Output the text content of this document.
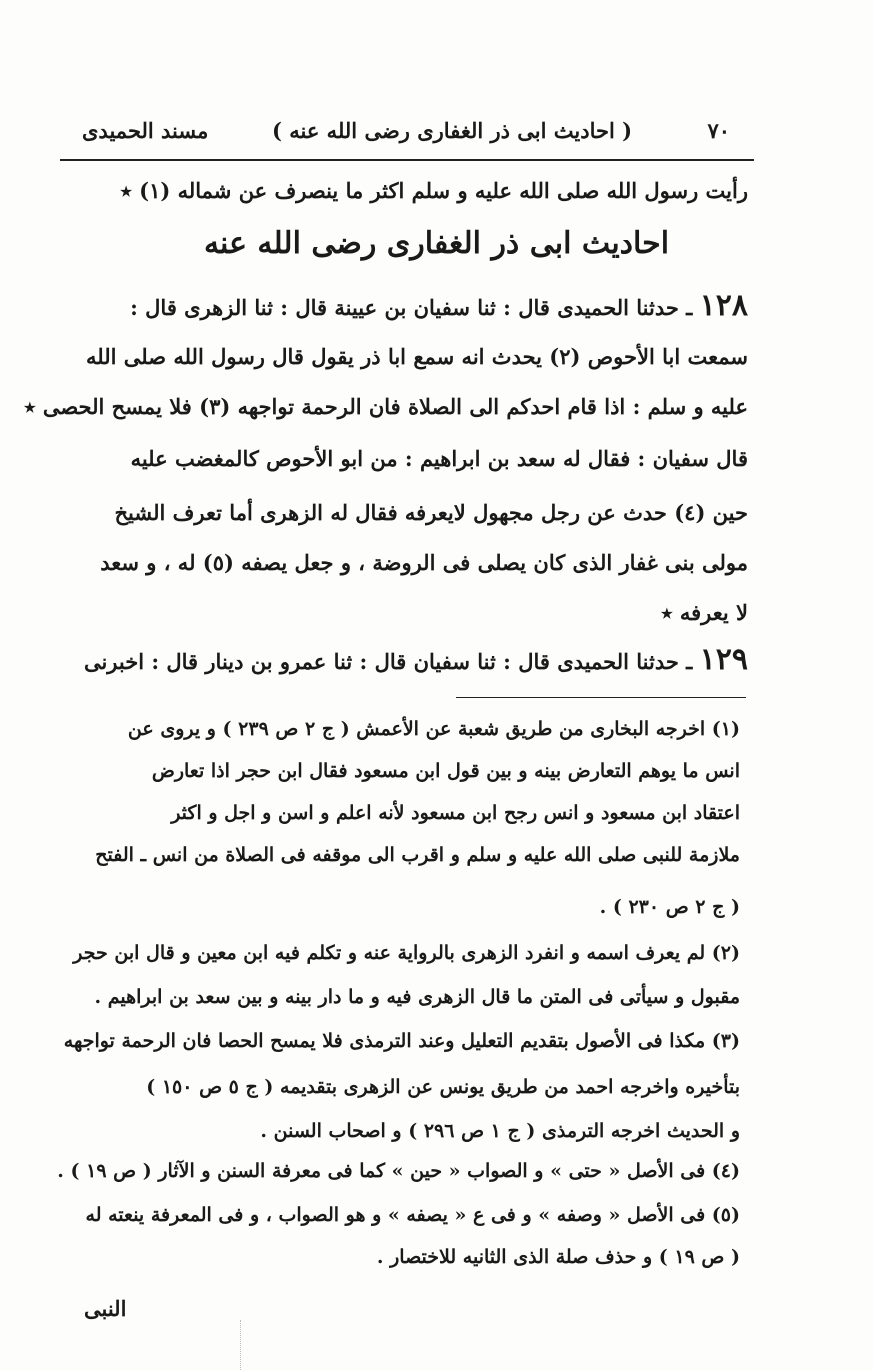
٧٠
( احاديث ابى ذر الغفارى رضى الله عنه )
مسند الحميدى
رأيت رسول الله صلى الله عليه و سلم اكثر ما ينصرف عن شماله (١) ٭
احاديث ابى ذر الغفارى رضى الله عنه
١٢٨ ـ حدثنا الحميدى قال : ثنا سفيان بن عيينة قال : ثنا الزهرى قال :
سمعت ابا الأحوص (٢) يحدث انه سمع ابا ذر يقول قال رسول الله صلى الله
عليه و سلم : اذا قام احدكم الى الصلاة فان الرحمة تواجهه (٣) فلا يمسح الحصى ٭
قال سفيان : فقال له سعد بن ابراهيم : من ابو الأحوص كالمغضب عليه
حين (٤) حدث عن رجل مجهول لايعرفه فقال له الزهرى أما تعرف الشيخ
مولى بنى غفار الذى كان يصلى فى الروضة ، و جعل يصفه (٥) له ، و سعد
لا يعرفه ٭
١٢٩ ـ حدثنا الحميدى قال : ثنا سفيان قال : ثنا عمرو بن دينار قال : اخبرنى
(١) اخرجه البخارى من طريق شعبة عن الأعمش ( ج ٢ ص ٢٣٩ ) و يروى عن
انس ما يوهم التعارض بينه و بين قول ابن مسعود فقال ابن حجر اذا تعارض
اعتقاد ابن مسعود و انس رجح ابن مسعود لأنه اعلم و اسن و اجل و اكثر
ملازمة للنبى صلى الله عليه و سلم و اقرب الى موقفه فى الصلاة من انس ـ الفتح
( ج ٢ ص ٢٣٠ ) .
(٢) لم يعرف اسمه و انفرد الزهرى بالرواية عنه و تكلم فيه ابن معين و قال ابن حجر
مقبول و سيأتى فى المتن ما قال الزهرى فيه و ما دار بينه و بين سعد بن ابراهيم .
(٣) مكذا فى الأصول بتقديم التعليل وعند الترمذى فلا يمسح الحصا فان الرحمة تواجهه
بتأخيره واخرجه احمد من طريق يونس عن الزهرى بتقديمه ( ج ٥ ص ١٥٠ )
و الحديث اخرجه الترمذى ( ج ١ ص ٢٩٦ ) و اصحاب السنن .
(٤) فى الأصل « حتى » و الصواب « حين » كما فى معرفة السنن و الآثار ( ص ١٩ ) .
(٥) فى الأصل « وصفه » و فى ع « يصفه » و هو الصواب ، و فى المعرفة ينعته له
( ص ١٩ ) و حذف صلة الذى الثانيه للاختصار .
النبى
